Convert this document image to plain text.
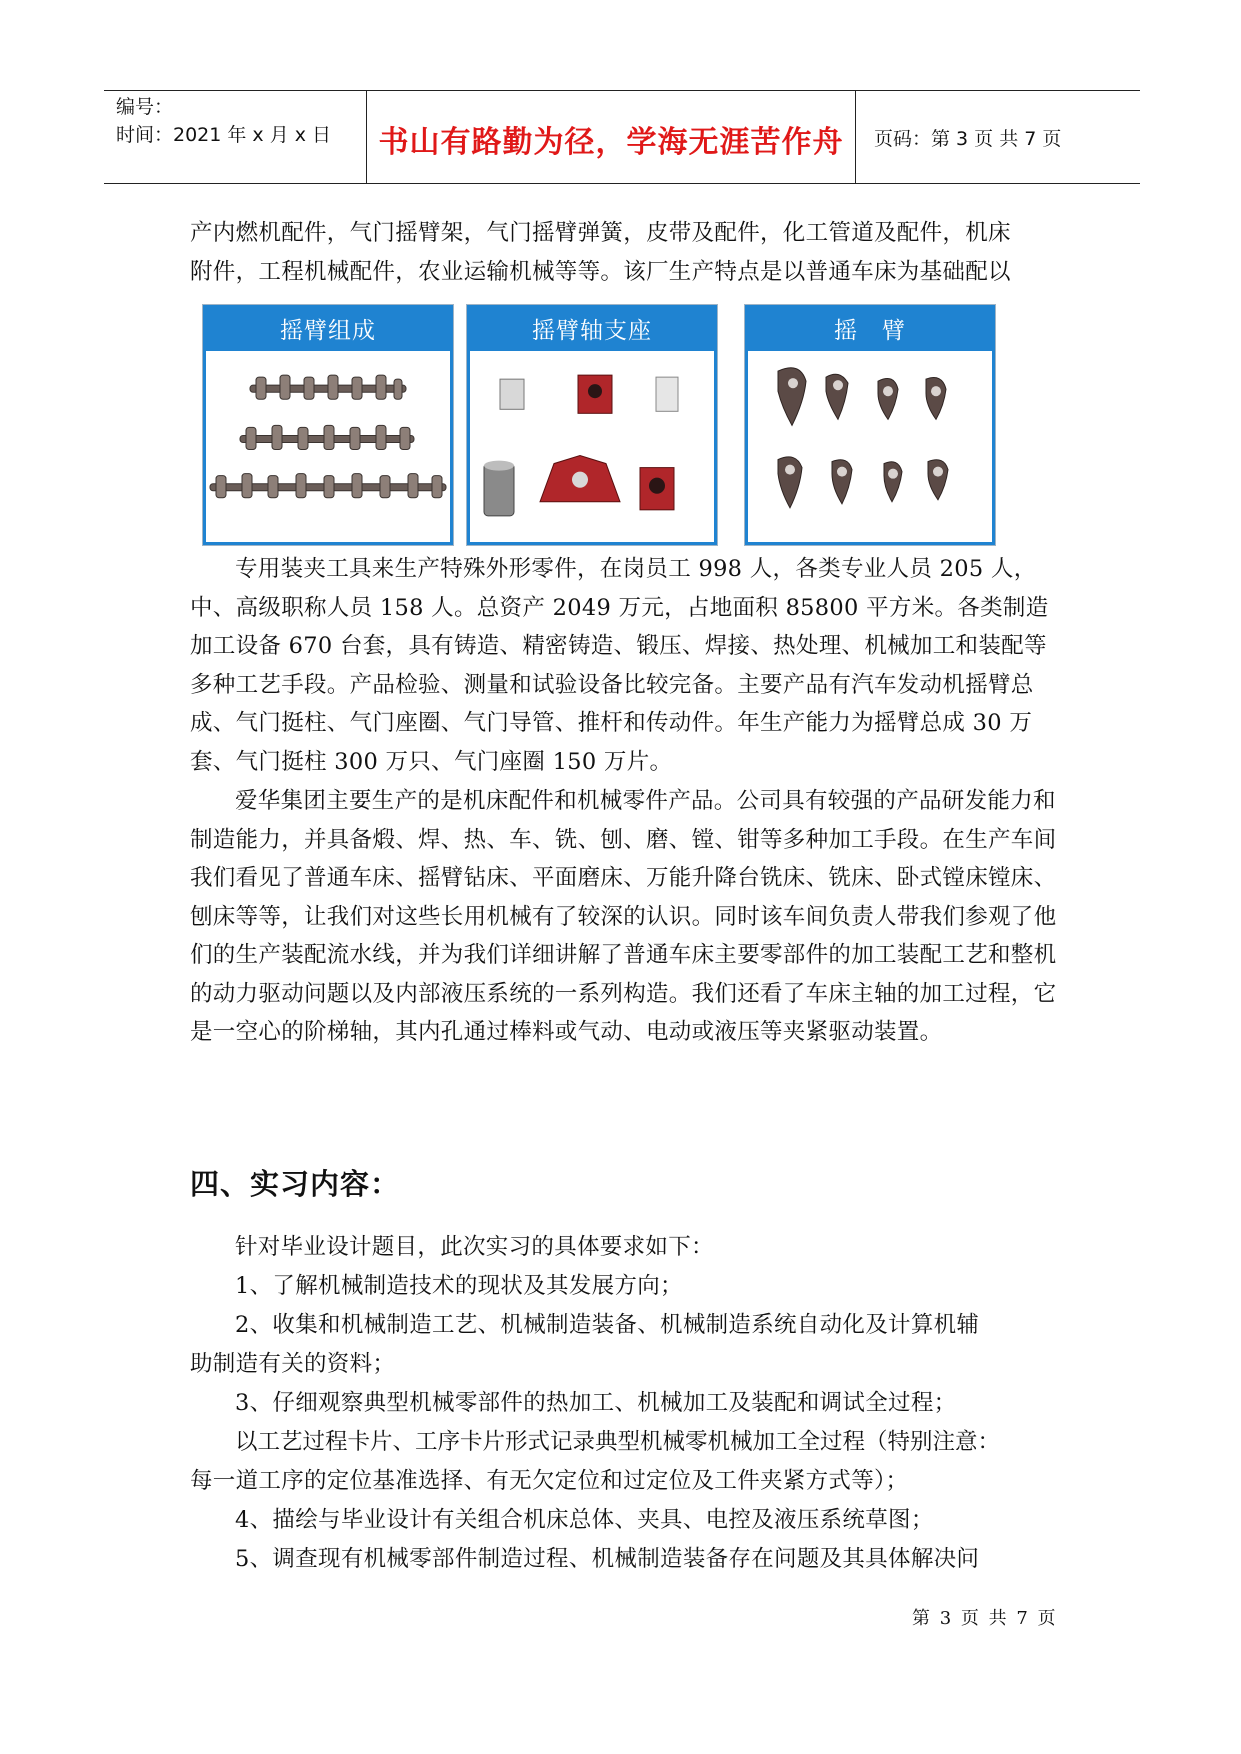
编号：
时间：2021 年 x 月 x 日	书山有路勤为径，学海无涯苦作舟 页码：第 3 页 共 7 页
产内燃机配件，气门摇臂架，气门摇臂弹簧，皮带及配件，化工管道及配件，机床
附件，工程机械配件，农业运输机械等等。该厂生产特点是以普通车床为基础配以
摇臂组成	摇臂轴支座	摇　臂
专用装夹工具来生产特殊外形零件，在岗员工 998 人，各类专业人员 205 人，中、高级职称人员 158 人。总资产 2049 万元，占地面积 85800 平方米。各类制造加工设备 670 台套，具有铸造、精密铸造、锻压、焊接、热处理、机械加工和装配等多种工艺手段。产品检验、测量和试验设备比较完备。主要产品有汽车发动机摇臂总成、气门挺柱、气门座圈、气门导管、推杆和传动件。年生产能力为摇臂总成 30 万套、气门挺柱 300 万只、气门座圈 150 万片。
爱华集团主要生产的是机床配件和机械零件产品。公司具有较强的产品研发能力和制造能力，并具备煅、焊、热、车、铣、刨、磨、镗、钳等多种加工手段。在生产车间我们看见了普通车床、摇臂钻床、平面磨床、万能升降台铣床、铣床、卧式镗床镗床、刨床等等，让我们对这些长用机械有了较深的认识。同时该车间负责人带我们参观了他们的生产装配流水线，并为我们详细讲解了普通车床主要零部件的加工装配工艺和整机的动力驱动问题以及内部液压系统的一系列构造。我们还看了车床主轴的加工过程，它是一空心的阶梯轴，其内孔通过棒料或气动、电动或液压等夹紧驱动装置。
四、实习内容：
针对毕业设计题目，此次实习的具体要求如下：
1、了解机械制造技术的现状及其发展方向；
2、收集和机械制造工艺、机械制造装备、机械制造系统自动化及计算机辅
助制造有关的资料；
3、仔细观察典型机械零部件的热加工、机械加工及装配和调试全过程；
以工艺过程卡片、工序卡片形式记录典型机械零机械加工全过程（特别注意：
每一道工序的定位基准选择、有无欠定位和过定位及工件夹紧方式等）；
4、描绘与毕业设计有关组合机床总体、夹具、电控及液压系统草图；
5、调查现有机械零部件制造过程、机械制造装备存在问题及其具体解决问
第 3 页 共 7 页
